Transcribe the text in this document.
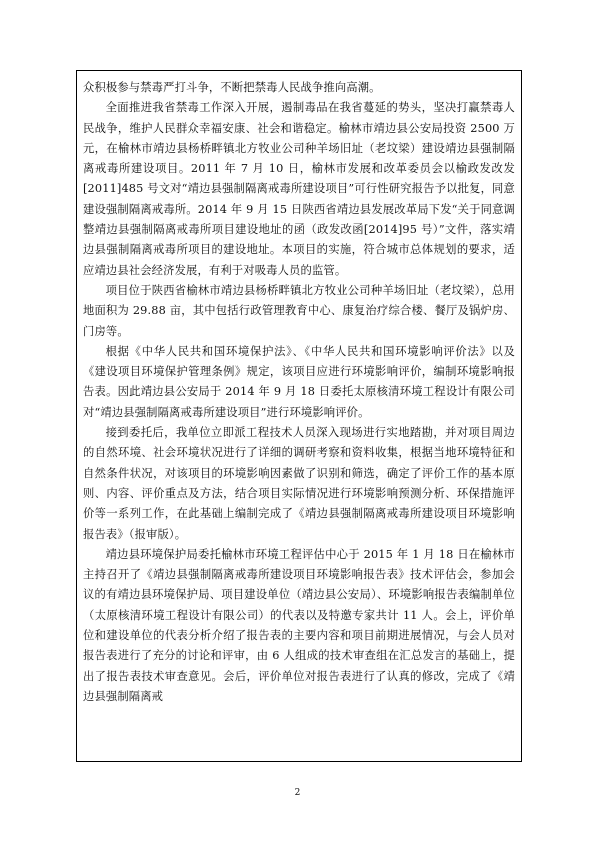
众积极参与禁毒严打斗争，不断把禁毒人民战争推向高潮。

全面推进我省禁毒工作深入开展，遏制毒品在我省蔓延的势头，坚决打赢禁毒人民战争，维护人民群众幸福安康、社会和谐稳定。榆林市靖边县公安局投资 2500 万元，在榆林市靖边县杨桥畔镇北方牧业公司种羊场旧址（老坟梁）建设靖边县强制隔离戒毒所建设项目。2011 年 7 月 10 日，榆林市发展和改革委员会以榆政发改发[2011]485 号文对“靖边县强制隔离戒毒所建设项目”可行性研究报告予以批复，同意建设强制隔离戒毒所。2014 年 9 月 15 日陕西省靖边县发展改革局下发“关于同意调整靖边县强制隔离戒毒所项目建设地址的函（政发改函[2014]95 号）”文件，落实靖边县强制隔离戒毒所项目的建设地址。本项目的实施，符合城市总体规划的要求，适应靖边县社会经济发展，有利于对吸毒人员的监管。

项目位于陕西省榆林市靖边县杨桥畔镇北方牧业公司种羊场旧址（老坟梁），总用地面积为 29.88 亩，其中包括行政管理教育中心、康复治疗综合楼、餐厅及锅炉房、门房等。

根据《中华人民共和国环境保护法》、《中华人民共和国环境影响评价法》以及《建设项目环境保护管理条例》规定，该项目应进行环境影响评价，编制环境影响报告表。因此靖边县公安局于 2014 年 9 月 18 日委托太原核清环境工程设计有限公司对“靖边县强制隔离戒毒所建设项目”进行环境影响评价。

接到委托后，我单位立即派工程技术人员深入现场进行实地踏勘，并对项目周边的自然环境、社会环境状况进行了详细的调研考察和资料收集，根据当地环境特征和自然条件状况，对该项目的环境影响因素做了识别和筛选，确定了评价工作的基本原则、内容、评价重点及方法，结合项目实际情况进行环境影响预测分析、环保措施评价等一系列工作，在此基础上编制完成了《靖边县强制隔离戒毒所建设项目环境影响报告表》（报审版）。

靖边县环境保护局委托榆林市环境工程评估中心于 2015 年 1 月 18 日在榆林市主持召开了《靖边县强制隔离戒毒所建设项目环境影响报告表》技术评估会，参加会议的有靖边县环境保护局、项目建设单位（靖边县公安局）、环境影响报告表编制单位（太原核清环境工程设计有限公司）的代表以及特邀专家共计 11 人。会上，评价单位和建设单位的代表分析介绍了报告表的主要内容和项目前期进展情况，与会人员对报告表进行了充分的讨论和评审，由 6 人组成的技术审查组在汇总发言的基础上，提出了报告表技术审查意见。会后，评价单位对报告表进行了认真的修改，完成了《靖边县强制隔离戒

2
